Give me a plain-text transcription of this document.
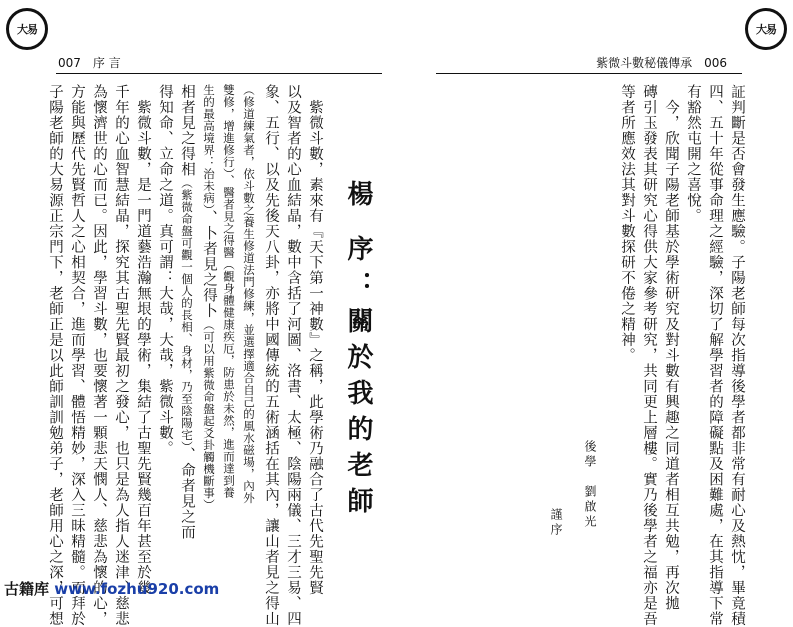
大易	大易
007　序 言	紫微斗數秘儀傳承　006
証判斷是否會發生應驗。子陽老師每次指導後學者都非常有耐心及熱忱，畢竟積
四、五十年從事命理之經驗，深切了解學習者的障礙點及困難處，在其指導下常
有豁然屯開之喜悅。
　今，欣聞子陽老師基於學術研究及對斗數有興趣之同道者相互共勉，再次拋
磚引玉發表其研究心得供大家參考研究，共同更上層樓。實乃後學者之福亦是吾
等者所應效法其對斗數探研不倦之精神。
後學　劉啟光
謹序
楊 序：關於我的老師
　紫微斗數，素來有『天下第一神數』之稱，此學術乃融合了古代先聖先賢
以及智者的心血結晶，數中含括了河圖、洛書、太極、陰陽兩儀、三才三易、四
象、五行、以及先後天八卦，亦將中國傳統的五術涵括在其內，讓山者見之得山
（修道練氣者，依斗數之養生修道法門修練，並選擇適合自己的風水磁場，內外
雙修，增進修行）、醫者見之得醫（觀身體健康疾厄，防患於未然，進而達到養
生的最高境界：治未病）、卜者見之得卜（可以用紫微命盤起爻卦觸機斷事）
相者見之得相（紫微命盤可觀一個人的長相、身材，乃至陰陽宅）、命者見之而
得知命、立命之道。真可謂：大哉，大哉，紫微斗數。
　紫微斗數，是一門道藝浩瀚無垠的學術，集結了古聖先賢幾百年甚至於幾
千年的心血智慧結晶，探究其古聖先賢最初之發心，也只是為人指人迷津、慈悲
為懷濟世的心而已。因此，學習斗數，也要懷著一顆悲天憫人、慈悲為懷的心，
方能與歷代先賢哲人之心相契合，進而學習、體悟精妙，深入三昧精髓。而拜於
子陽老師的大易源正宗門下，老師正是以此師訓訓勉弟子，老師用心之深，可想
古籍库 www.fozhu920.com
